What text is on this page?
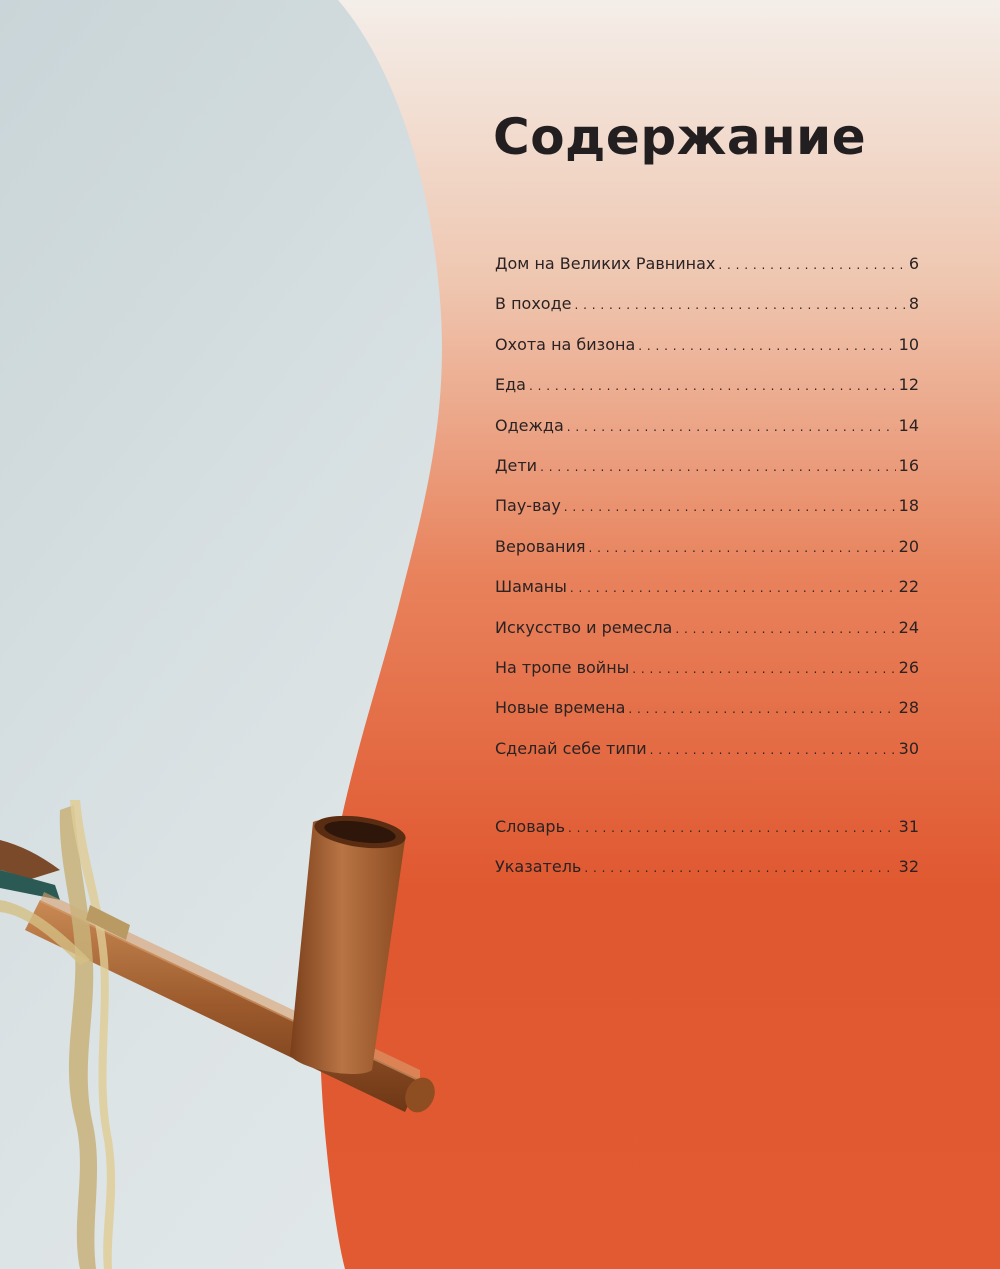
Содержание
Дом на Великих Равнинах . . .	6
В походе . . .	8
Охота на бизона . . .	10
Еда . . .	12
Одежда . . .	14
Дети . . .	16
Пау-вау . . .	18
Верования . . .	20
Шаманы . . .	22
Искусство и ремесла . . .	24
На тропе войны . . .	26
Новые времена . . .	28
Сделай себе типи . . .	30
Словарь . . .	31
Указатель . . .	32
